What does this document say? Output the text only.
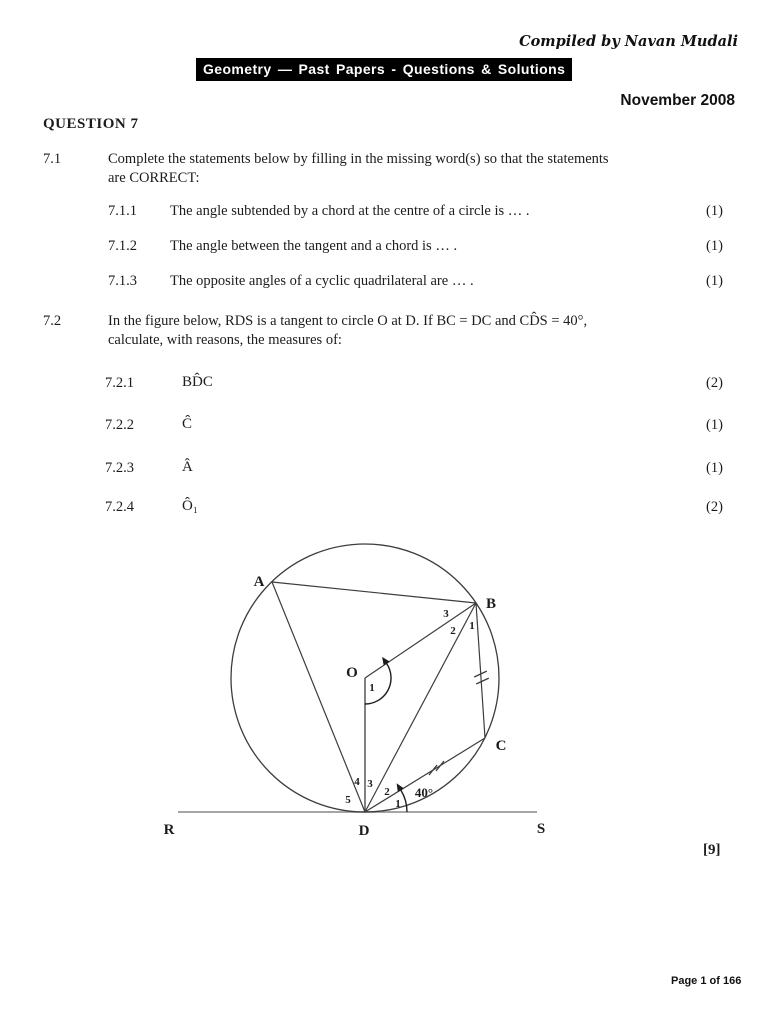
Compiled by Navan Mudali
Geometry — Past Papers - Questions & Solutions
November 2008
QUESTION 7
7.1	Complete the statements below by filling in the missing word(s) so that the statements
are CORRECT:
7.1.1 The angle subtended by a chord at the centre of a circle is … .	(1)
7.1.2 The angle between the tangent and a chord is … .	(1)
7.1.3 The opposite angles of a cyclic quadrilateral are … .	(1)
7.2	In the figure below, RDS is a tangent to circle O at D. If BC = DC and CD̂S = 40°,
calculate, with reasons, the measures of:
7.2.1	BD̂C	(2)
7.2.2	Ĉ	(1)
7.2.3	Â	(1)
7.2.4	Ô₁	(2)
A
B
C
D
O
R	S
1
3
2 1
4 3
5
2
1
40°
[9]
Page 1 of 166
